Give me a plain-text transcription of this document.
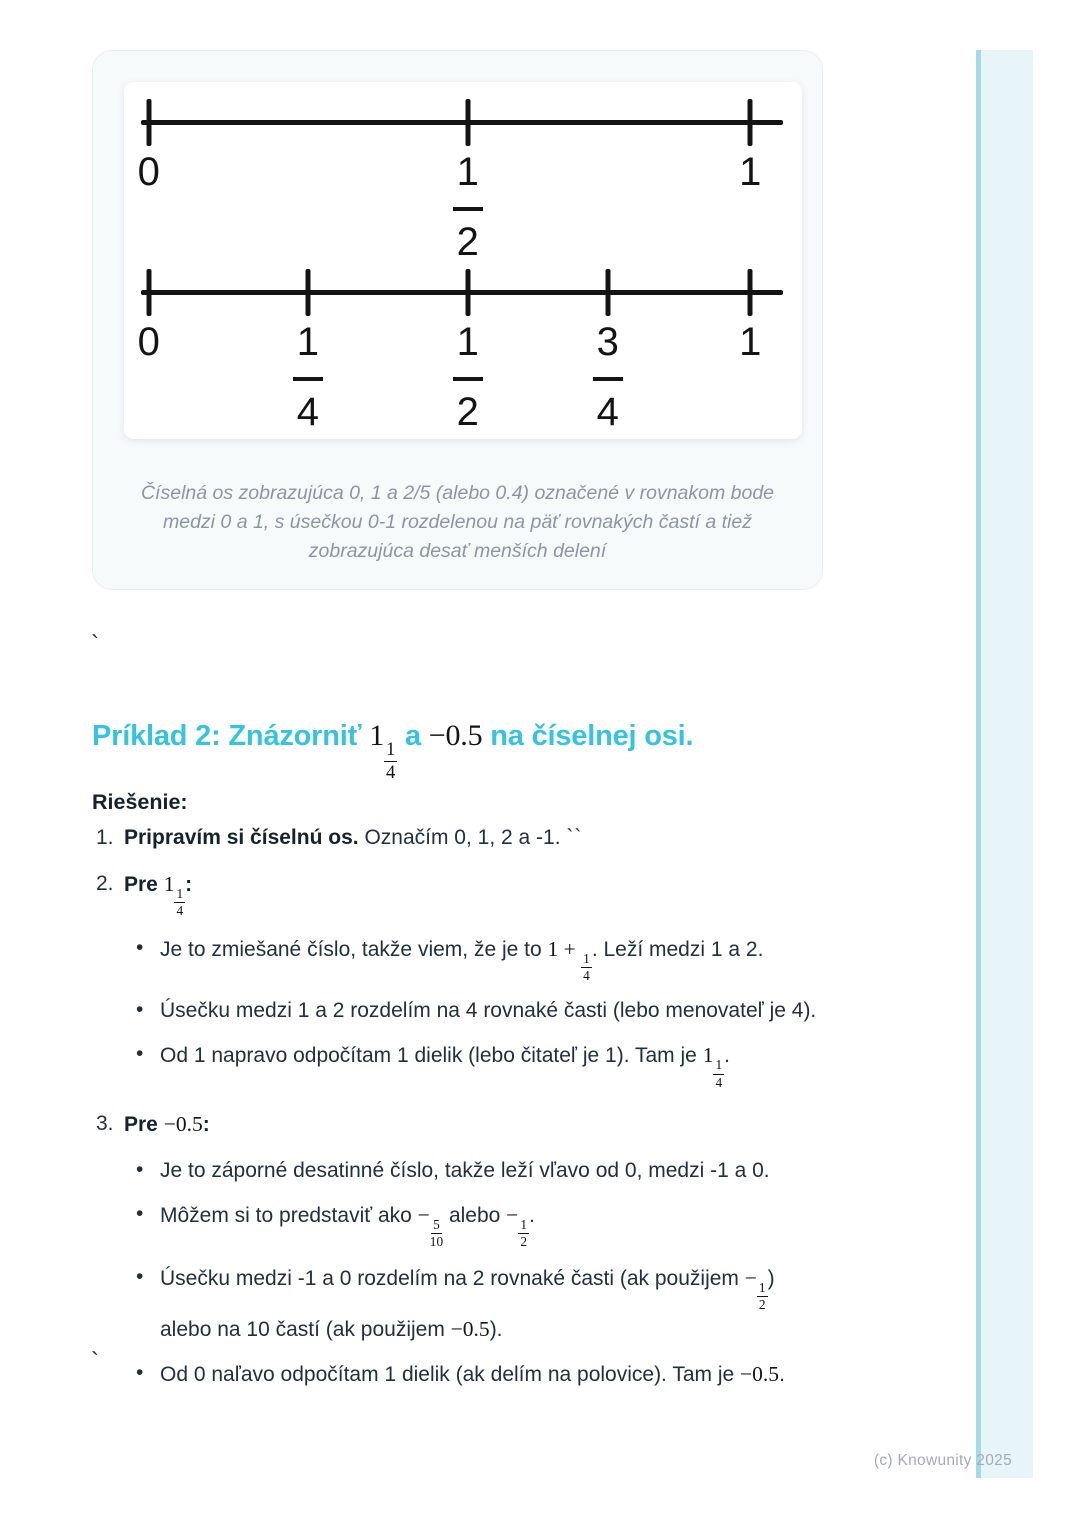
0	1
2
1
0	1
4
1
2
3
4
1

Číselná os zobrazujúca 0, 1 a 2/5 (alebo 0.4) označené v rovnakom bode medzi 0 a 1, s úsečkou 0-1 rozdelenou na päť rovnakých častí a tiež zobrazujúca desať menších delení

`
Príklad 2: Znázorniť 1
$\frac{1}{4}$
a −0.5 na číselnej osi.

Riešenie:

1. Pripravím si číselnú os. Označím 0, 1, 2 a -1. ``
2. Pre 1
$\frac{1}{4}$
:
• Je to zmiešané číslo, takže viem, že je to 1 +
$\frac{1}{4}$
. Leží medzi 1 a 2.
• Úsečku medzi 1 a 2 rozdelím na 4 rovnaké časti (lebo menovateľ je 4).
• Od 1 napravo odpočítam 1 dielik (lebo čitateľ je 1). Tam je 1
$\frac{1}{4}$
.
3. Pre −0.5:
• Je to záporné desatinné číslo, takže leží vľavo od 0, medzi -1 a 0.
• Môžem si to predstaviť ako −
$\frac{5}{10}$
alebo −
$\frac{1}{2}$
.
• Úsečku medzi -1 a 0 rozdelím na 2 rovnaké časti (ak použijem −
$\frac{1}{2}$
) alebo na 10 častí (ak použijem −0.5).
• Od 0 naľavo odpočítam 1 dielik (ak delím na polovice). Tam je −0.5.
`
(c) Knowunity 2025
